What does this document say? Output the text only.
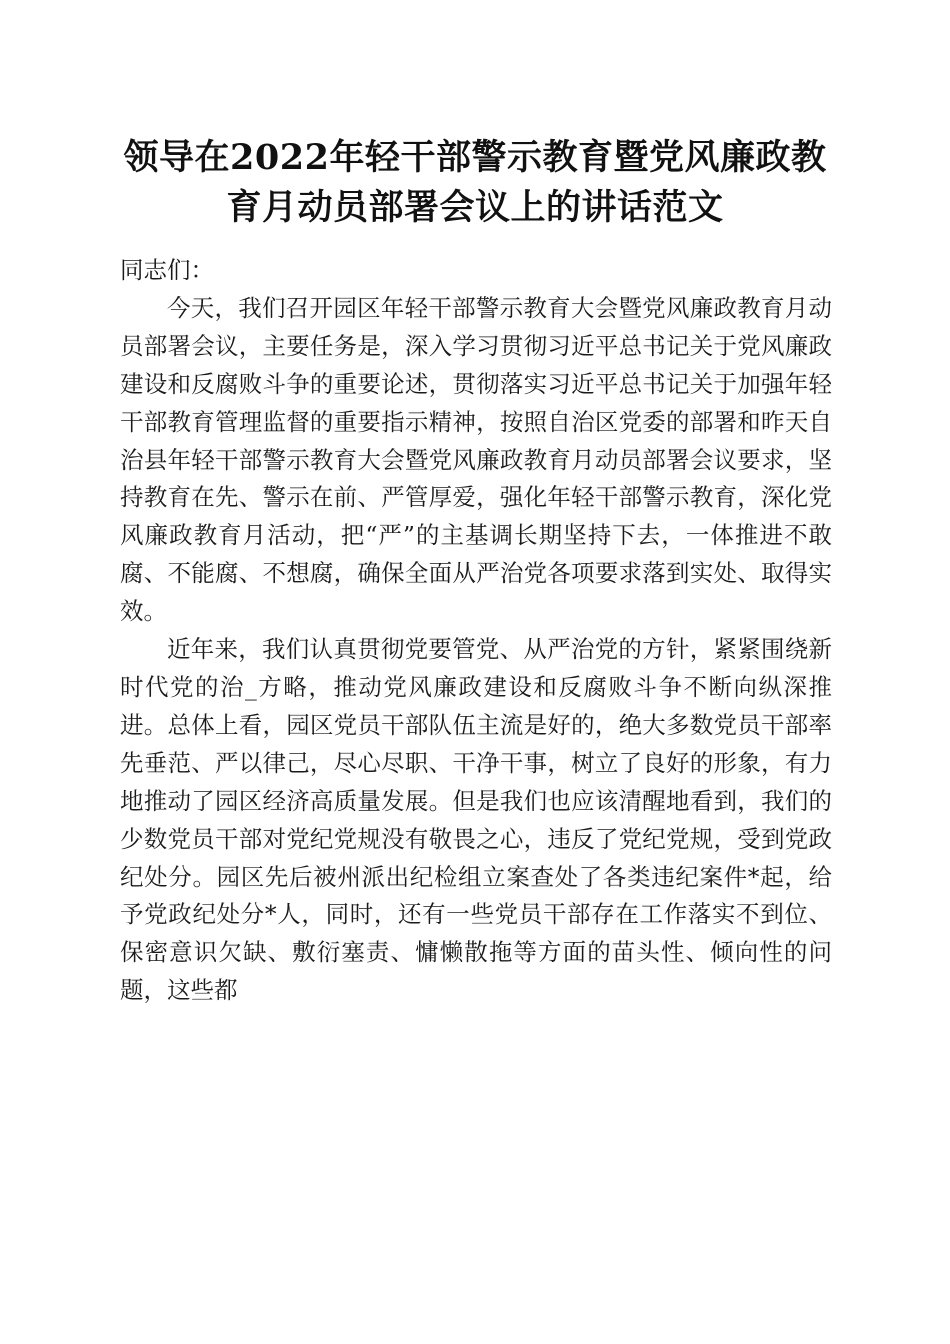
领导在2022年轻干部警示教育暨党风廉政教
育月动员部署会议上的讲话范文

同志们：

今天，我们召开园区年轻干部警示教育大会暨党风廉政教育月动员部署会议，主要任务是，深入学习贯彻习近平总书记关于党风廉政建设和反腐败斗争的重要论述，贯彻落实习近平总书记关于加强年轻干部教育管理监督的重要指示精神，按照自治区党委的部署和昨天自治县年轻干部警示教育大会暨党风廉政教育月动员部署会议要求，坚持教育在先、警示在前、严管厚爱，强化年轻干部警示教育，深化党风廉政教育月活动，把“严”的主基调长期坚持下去，一体推进不敢腐、不能腐、不想腐，确保全面从严治党各项要求落到实处、取得实效。

近年来，我们认真贯彻党要管党、从严治党的方针，紧紧围绕新时代党的治_方略，推动党风廉政建设和反腐败斗争不断向纵深推进。总体上看，园区党员干部队伍主流是好的，绝大多数党员干部率先垂范、严以律己，尽心尽职、干净干事，树立了良好的形象，有力地推动了园区经济高质量发展。但是我们也应该清醒地看到，我们的少数党员干部对党纪党规没有敬畏之心，违反了党纪党规，受到党政纪处分。园区先后被州派出纪检组立案查处了各类违纪案件*起，给予党政纪处分*人，同时，还有一些党员干部存在工作落实不到位、保密意识欠缺、敷衍塞责、慵懒散拖等方面的苗头性、倾向性的问题，这些都
